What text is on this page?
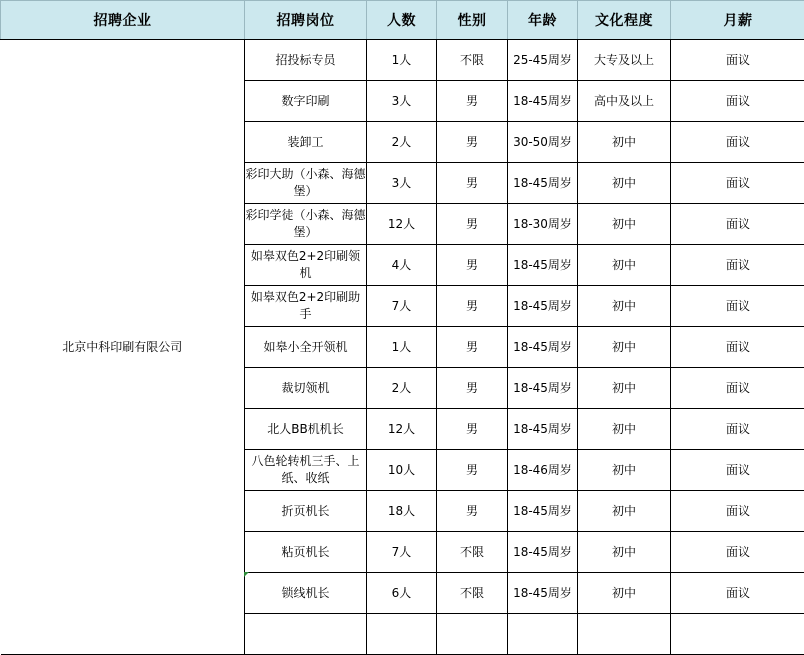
招聘企业	招聘岗位	人数	性别	年龄	文化程度	月薪
北京中科印刷有限公司	招投标专员	1人	不限	25-45周岁	大专及以上	面议
	数字印刷	3人	男	18-45周岁	高中及以上	面议
	装卸工	2人	男	30-50周岁	初中	面议
	彩印大助（小森、海德堡）	3人	男	18-45周岁	初中	面议
	彩印学徒（小森、海德堡）	12人	男	18-30周岁	初中	面议
	如皋双色2+2印刷领机	4人	男	18-45周岁	初中	面议
	如皋双色2+2印刷助手	7人	男	18-45周岁	初中	面议
	如皋小全开领机	1人	男	18-45周岁	初中	面议
	裁切领机	2人	男	18-45周岁	初中	面议
	北人BB机机长	12人	男	18-45周岁	初中	面议
	八色轮转机三手、上纸、收纸	10人	男	18-46周岁	初中	面议
	折页机长	18人	男	18-45周岁	初中	面议
	粘页机长	7人	不限	18-45周岁	初中	面议
	锁线机长	6人	不限	18-45周岁	初中	面议
